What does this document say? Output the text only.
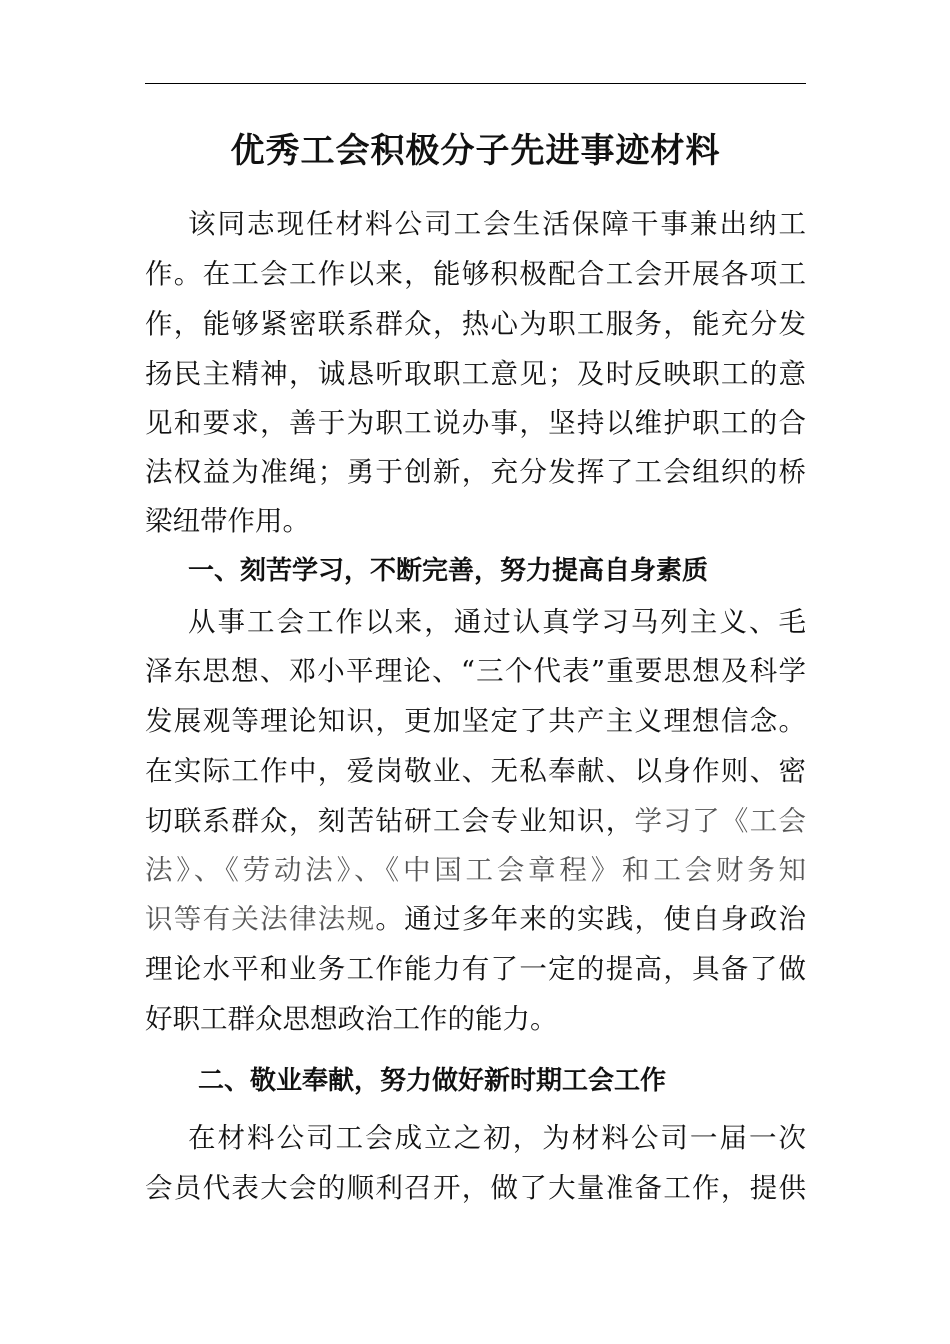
优秀工会积极分子先进事迹材料
该同志现任材料公司工会生活保障干事兼出纳工
作。在工会工作以来，能够积极配合工会开展各项工
作，能够紧密联系群众，热心为职工服务，能充分发
扬民主精神，诚恳听取职工意见；及时反映职工的意
见和要求，善于为职工说办事，坚持以维护职工的合
法权益为准绳；勇于创新，充分发挥了工会组织的桥
梁纽带作用。
一、刻苦学习，不断完善，努力提高自身素质
从事工会工作以来，通过认真学习马列主义、毛
泽东思想、邓小平理论、“三个代表”重要思想及科学
发展观等理论知识，更加坚定了共产主义理想信念。
在实际工作中，爱岗敬业、无私奉献、以身作则、密
切联系群众，刻苦钻研工会专业知识，学习了《工会
法》、《劳动法》、《中国工会章程》和工会财务知
识等有关法律法规。通过多年来的实践，使自身政治
理论水平和业务工作能力有了一定的提高，具备了做
好职工群众思想政治工作的能力。
二、敬业奉献，努力做好新时期工会工作
在材料公司工会成立之初，为材料公司一届一次
会员代表大会的顺利召开，做了大量准备工作，提供
